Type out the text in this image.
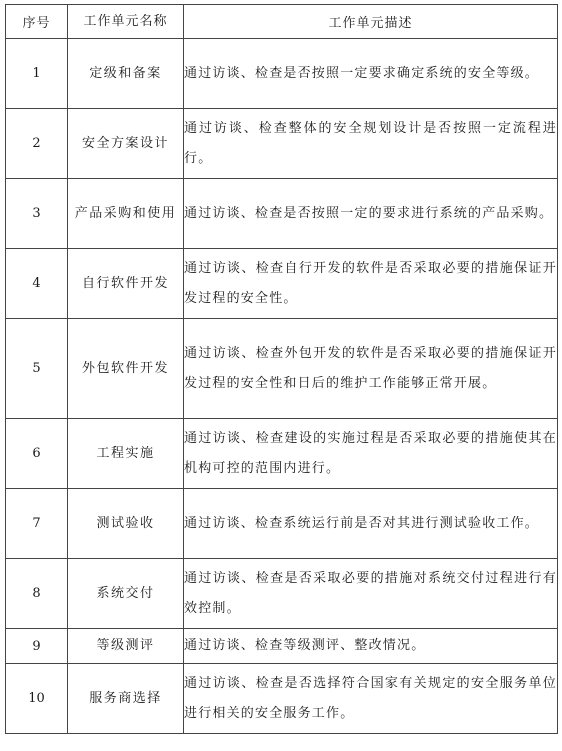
序号	工作单元名称	工作单元描述
1	定级和备案	通过访谈、检查是否按照一定要求确定系统的安全等级。

2	安全方案设计	通过访谈、检查整体的安全规划设计是否按照一定流程进行。

3	产品采购和使用	通过访谈、检查是否按照一定的要求进行系统的产品采购。

4	自行软件开发	通过访谈、检查自行开发的软件是否采取必要的措施保证开发过程的安全性。

5	外包软件开发	通过访谈、检查外包开发的软件是否采取必要的措施保证开发过程的安全性和日后的维护工作能够正常开展。

6	工程实施	通过访谈、检查建设的实施过程是否采取必要的措施使其在机构可控的范围内进行。

7	测试验收	通过访谈、检查系统运行前是否对其进行测试验收工作。

8	系统交付	通过访谈、检查是否采取必要的措施对系统交付过程进行有效控制。

9	等级测评	通过访谈、检查等级测评、整改情况。

10	服务商选择	通过访谈、检查是否选择符合国家有关规定的安全服务单位进行相关的安全服务工作。
